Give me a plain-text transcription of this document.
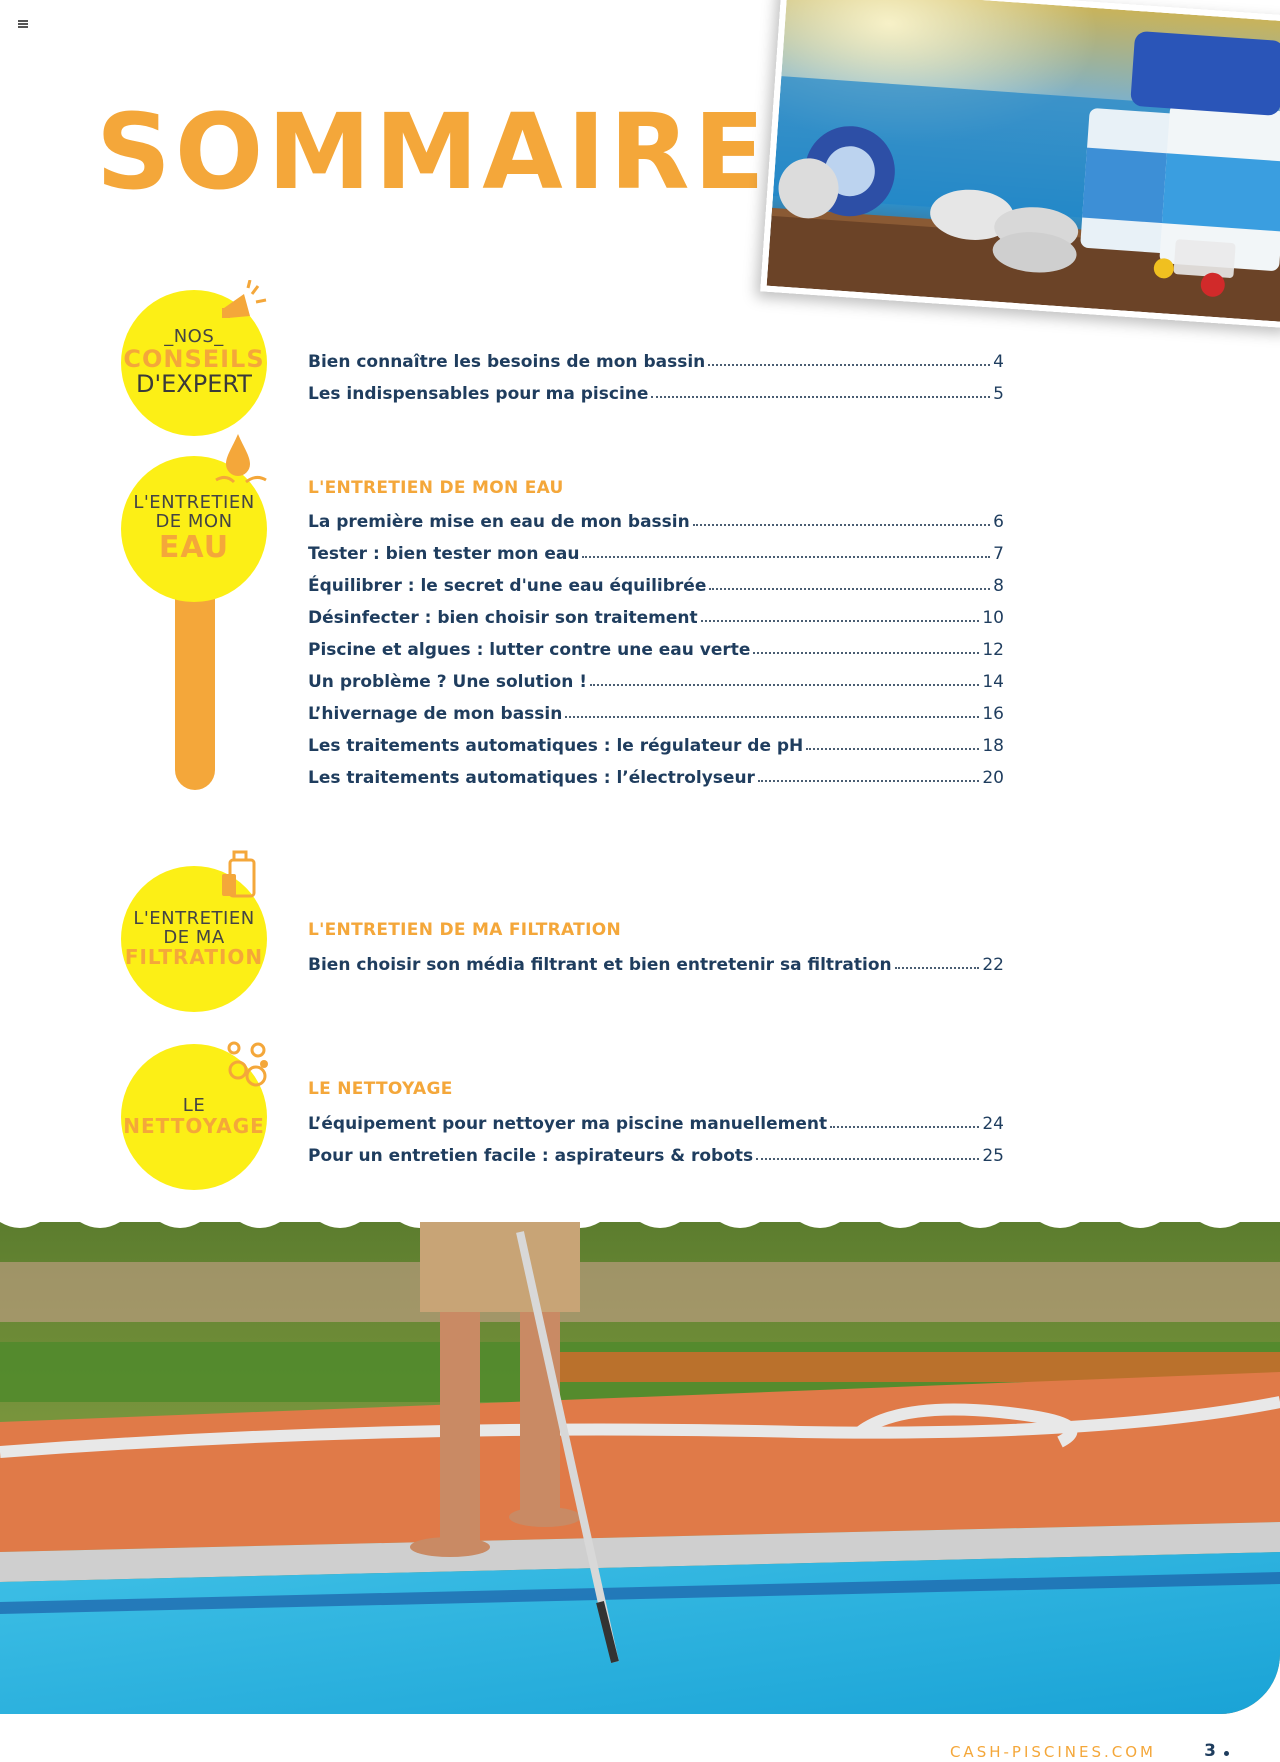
SOMMAIRE
_NOS_
CONSEILS
D'EXPERT
L'ENTRETIEN
DE MON
EAU
L'ENTRETIEN
DE MA
FILTRATION
LE
NETTOYAGE
Bien connaître les besoins de mon bassin	4
Les indispensables pour ma piscine	5
L'ENTRETIEN DE MON EAU
La première mise en eau de mon bassin	6
Tester : bien tester mon eau	7
Équilibrer : le secret d'une eau équilibrée	8
Désinfecter : bien choisir son traitement	10
Piscine et algues : lutter contre une eau verte	12
Un problème ? Une solution !	14
L’hivernage de mon bassin	16
Les traitements automatiques : le régulateur de pH	18
Les traitements automatiques : l’électrolyseur	20
L'ENTRETIEN DE MA FILTRATION
Bien choisir son média filtrant et bien entretenir sa filtration	22
LE NETTOYAGE
L’équipement pour nettoyer ma piscine manuellement	24
Pour un entretien facile : aspirateurs & robots	25
CASH-PISCINES.COM	3
